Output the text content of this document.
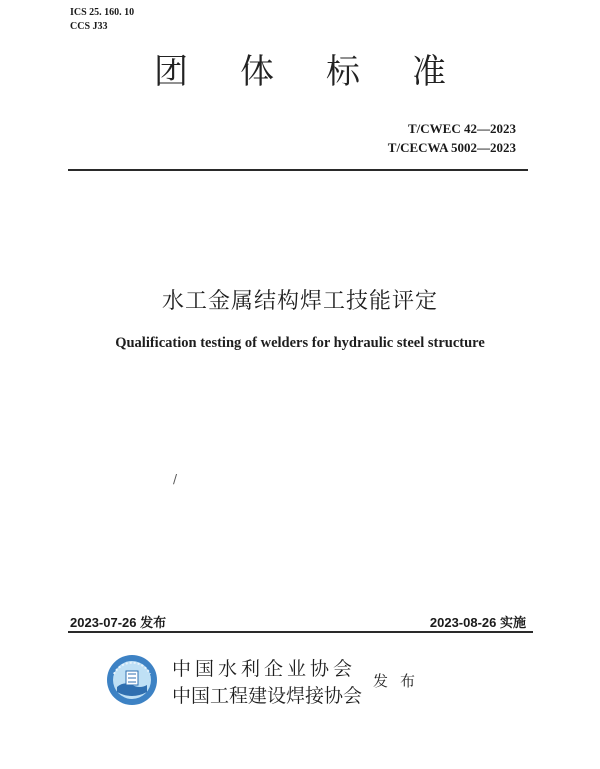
ICS 25. 160. 10
CCS J33
团体标准
T/CWEC 42—2023
T/CECWA 5002—2023
水工金属结构焊工技能评定
Qualification testing of welders for hydraulic steel structure
/
2023-07-26 发布	2023-08-26 实施
中国水利企业协会
中国工程建设焊接协会
发布
